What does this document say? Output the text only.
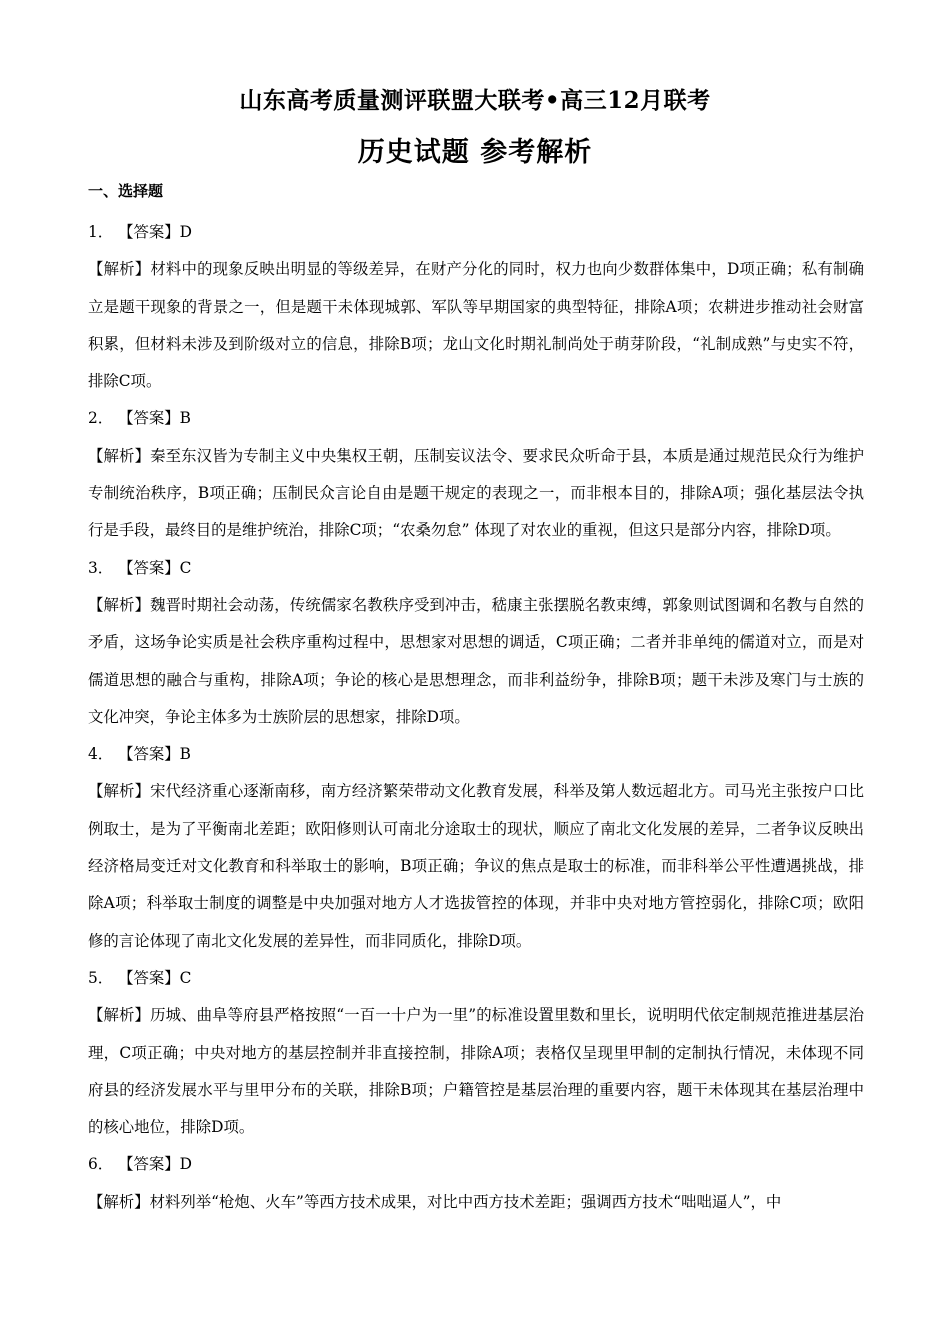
山东高考质量测评联盟大联考•高三12月联考
历史试题 参考解析
一、选择题
1． 【答案】D
【解析】材料中的现象反映出明显的等级差异，在财产分化的同时，权力也向少数群体集中，D项正确；私有制确立是题干现象的背景之一，但是题干未体现城郭、军队等早期国家的典型特征，排除A项；农耕进步推动社会财富积累，但材料未涉及到阶级对立的信息，排除B项；龙山文化时期礼制尚处于萌芽阶段，“礼制成熟”与史实不符，排除C项。
2． 【答案】B
【解析】秦至东汉皆为专制主义中央集权王朝，压制妄议法令、要求民众听命于县，本质是通过规范民众行为维护专制统治秩序，B项正确；压制民众言论自由是题干规定的表现之一，而非根本目的，排除A项；强化基层法令执行是手段，最终目的是维护统治，排除C项；“农桑勿怠” 体现了对农业的重视，但这只是部分内容，排除D项。
3． 【答案】C
【解析】魏晋时期社会动荡，传统儒家名教秩序受到冲击，嵇康主张摆脱名教束缚，郭象则试图调和名教与自然的矛盾，这场争论实质是社会秩序重构过程中，思想家对思想的调适，C项正确；二者并非单纯的儒道对立，而是对儒道思想的融合与重构，排除A项；争论的核心是思想理念，而非利益纷争，排除B项；题干未涉及寒门与士族的文化冲突，争论主体多为士族阶层的思想家，排除D项。
4． 【答案】B
【解析】宋代经济重心逐渐南移，南方经济繁荣带动文化教育发展，科举及第人数远超北方。司马光主张按户口比例取士，是为了平衡南北差距；欧阳修则认可南北分途取士的现状，顺应了南北文化发展的差异，二者争议反映出经济格局变迁对文化教育和科举取士的影响，B项正确；争议的焦点是取士的标准，而非科举公平性遭遇挑战，排除A项；科举取士制度的调整是中央加强对地方人才选拔管控的体现，并非中央对地方管控弱化，排除C项；欧阳修的言论体现了南北文化发展的差异性，而非同质化，排除D项。
5． 【答案】C
【解析】历城、曲阜等府县严格按照“一百一十户为一里”的标准设置里数和里长，说明明代依定制规范推进基层治理，C项正确；中央对地方的基层控制并非直接控制，排除A项；表格仅呈现里甲制的定制执行情况，未体现不同府县的经济发展水平与里甲分布的关联，排除B项；户籍管控是基层治理的重要内容，题干未体现其在基层治理中的核心地位，排除D项。
6． 【答案】D
【解析】材料列举“枪炮、火车”等西方技术成果，对比中西方技术差距；强调西方技术“咄咄逼人”，中
